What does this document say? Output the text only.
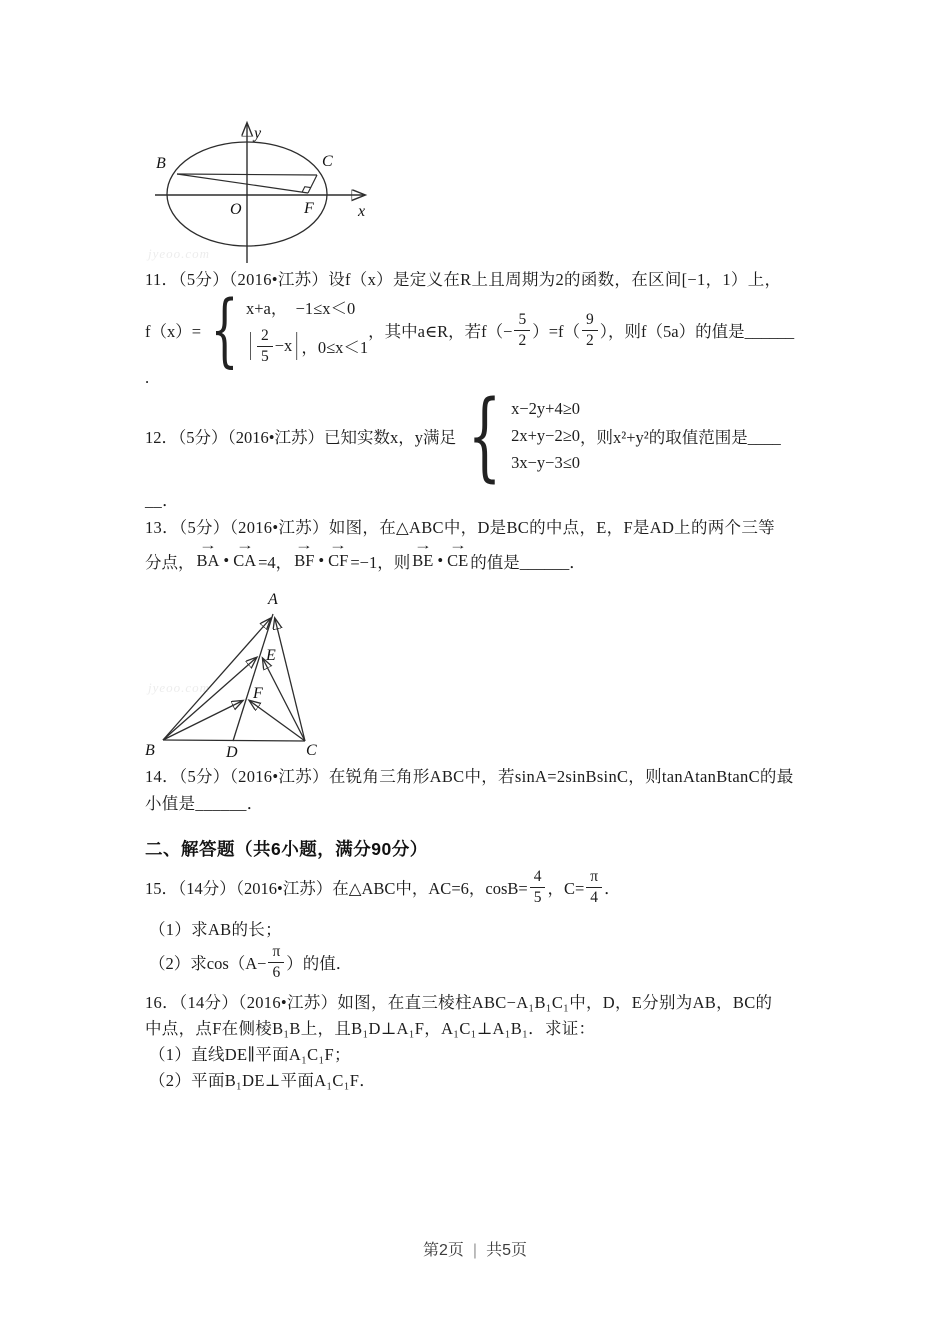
B	C
O	F	x
y
jyeoo.com
11．（5分）（2016•江苏）设f（x）是定义在R上且周期为2的函数，在区间[−1，1）上，
f（x）= { x+a，　−1≤x＜0
| $\frac{2}{5} -x$ | ，0≤x＜1
，其中a∈R，若$f(- \frac{5}{2} )=f( \frac{9}{2}$ ），则f（5a）的值是______
.
12．（5分）（2016•江苏）已知实数x，y满足 { x−2y+4≥0
2x+y−2≥0
3x−y−3≤0
，则x²+y²的取值范围是____
__．
13．（5分）（2016•江苏）如图，在△ABC中，D是BC的中点，E，F是AD上的两个三等
分点， → BA • → CA =4， → BF • → CF =−1，则 → BE • → CE 的值是______．
A
E
F
B	D	C
jyeoo.com
14．（5分）（2016•江苏）在锐角三角形ABC中，若sinA=2sinBsinC，则tanAtanBtanC的最
小值是______．
二、解答题（共6小题，满分90分）
15．（14分）（2016•江苏）在△ABC中，AC=6，$\cos B= \frac{4}{5}$ ，$C= \frac{\pi}{4}$ ．
（1）求AB的长；
（2）求$\cos(A- \frac{\pi}{6}$ ）的值．
16．（14分）（2016•江苏）如图，在直三棱柱ABC−A₁B₁C₁中，D，E分别为AB，BC的
中点，点F在侧棱B₁B上，且B₁D⊥A₁F，A₁C₁⊥A₁B₁．求证：
（1）直线DE∥平面A₁C₁F；
（2）平面B₁DE⊥平面A₁C₁F．
第2页 | 共5页
